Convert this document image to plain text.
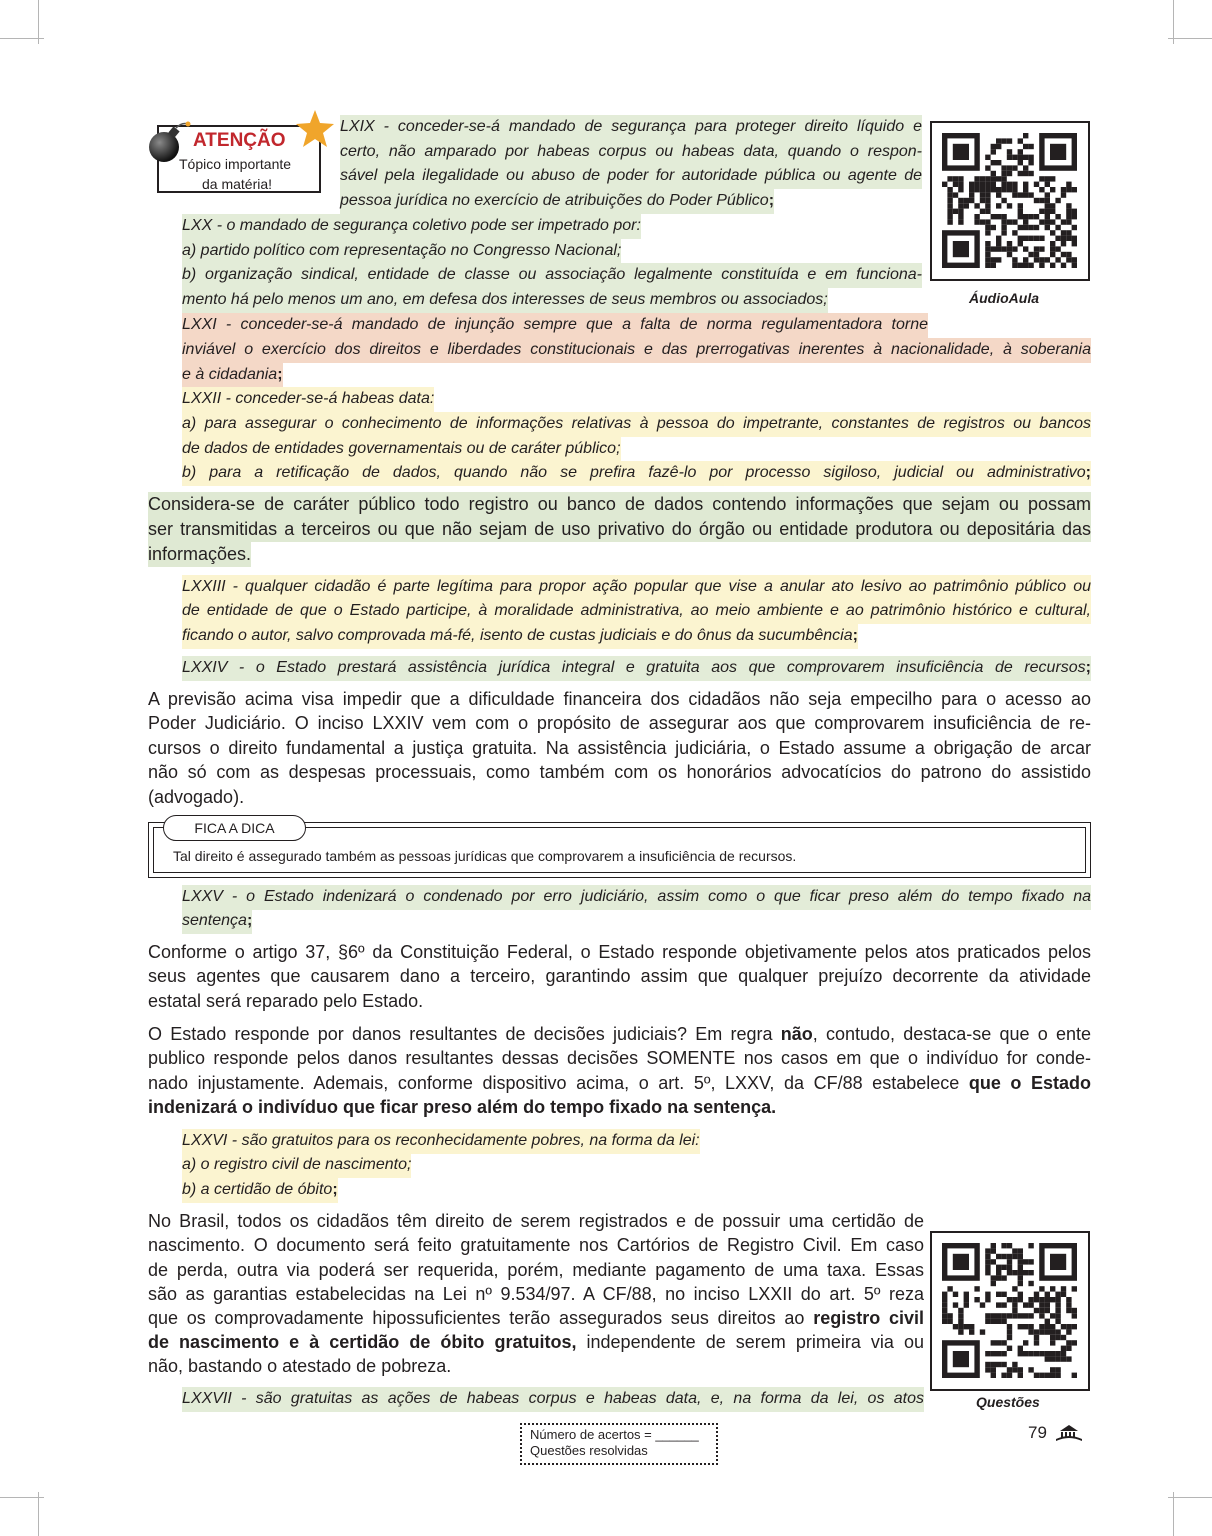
ATENÇÃO
Tópico importante
da matéria!
ÁudioAula
Questões
LXIX - conceder-se-á mandado de segurança para proteger direito líquido e
certo, não amparado por habeas corpus ou habeas data, quando o respon-
sável pela ilegalidade ou abuso de poder for autoridade pública ou agente de
pessoa jurídica no exercício de atribuições do Poder Público;
LXX - o mandado de segurança coletivo pode ser impetrado por:
a) partido político com representação no Congresso Nacional;
b) organização sindical, entidade de classe ou associação legalmente constituída e em funciona-
mento há pelo menos um ano, em defesa dos interesses de seus membros ou associados;
LXXI - conceder-se-á mandado de injunção sempre que a falta de norma regulamentadora torne
inviável o exercício dos direitos e liberdades constitucionais e das prerrogativas inerentes à nacionalidade, à soberania
e à cidadania;
LXXII - conceder-se-á habeas data:
a) para assegurar o conhecimento de informações relativas à pessoa do impetrante, constantes de registros ou bancos
de dados de entidades governamentais ou de caráter público;
b) para a retificação de dados, quando não se prefira fazê-lo por processo sigiloso, judicial ou administrativo;
Considera-se de caráter público todo registro ou banco de dados contendo informações que sejam ou possam
ser transmitidas a terceiros ou que não sejam de uso privativo do órgão ou entidade produtora ou depositária das
informações.
LXXIII - qualquer cidadão é parte legítima para propor ação popular que vise a anular ato lesivo ao patrimônio público ou
de entidade de que o Estado participe, à moralidade administrativa, ao meio ambiente e ao patrimônio histórico e cultural,
ficando o autor, salvo comprovada má-fé, isento de custas judiciais e do ônus da sucumbência;
LXXIV - o Estado prestará assistência jurídica integral e gratuita aos que comprovarem insuficiência de recursos;
A previsão acima visa impedir que a dificuldade financeira dos cidadãos não seja empecilho para o acesso ao
Poder Judiciário. O inciso LXXIV vem com o propósito de assegurar aos que comprovarem insuficiência de re-
cursos o direito fundamental a justiça gratuita. Na assistência judiciária, o Estado assume a obrigação de arcar
não só com as despesas processuais, como também com os honorários advocatícios do patrono do assistido
(advogado).
FICA A DICA
Tal direito é assegurado também as pessoas jurídicas que comprovarem a insuficiência de recursos.
LXXV - o Estado indenizará o condenado por erro judiciário, assim como o que ficar preso além do tempo fixado na
sentença;
Conforme o artigo 37, §6º da Constituição Federal, o Estado responde objetivamente pelos atos praticados pelos
seus agentes que causarem dano a terceiro, garantindo assim que qualquer prejuízo decorrente da atividade
estatal será reparado pelo Estado.
O Estado responde por danos resultantes de decisões judiciais? Em regra não, contudo, destaca-se que o ente
publico responde pelos danos resultantes dessas decisões SOMENTE nos casos em que o indivíduo for conde-
nado injustamente. Ademais, conforme dispositivo acima, o art. 5º, LXXV, da CF/88 estabelece que o Estado
indenizará o indivíduo que ficar preso além do tempo fixado na sentença.
LXXVI - são gratuitos para os reconhecidamente pobres, na forma da lei:
a) o registro civil de nascimento;
b) a certidão de óbito;
No Brasil, todos os cidadãos têm direito de serem registrados e de possuir uma certidão de
nascimento. O documento será feito gratuitamente nos Cartórios de Registro Civil. Em caso
de perda, outra via poderá ser requerida, porém, mediante pagamento de uma taxa. Essas
são as garantias estabelecidas na Lei nº 9.534/97. A CF/88, no inciso LXXII do art. 5º reza
que os comprovadamente hipossuficientes terão assegurados seus direitos ao registro civil
de nascimento e à certidão de óbito gratuitos, independente de serem primeira via ou
não, bastando o atestado de pobreza.
LXXVII - são gratuitas as ações de habeas corpus e habeas data, e, na forma da lei, os atos
Número de acertos = ______
Questões resolvidas
79
